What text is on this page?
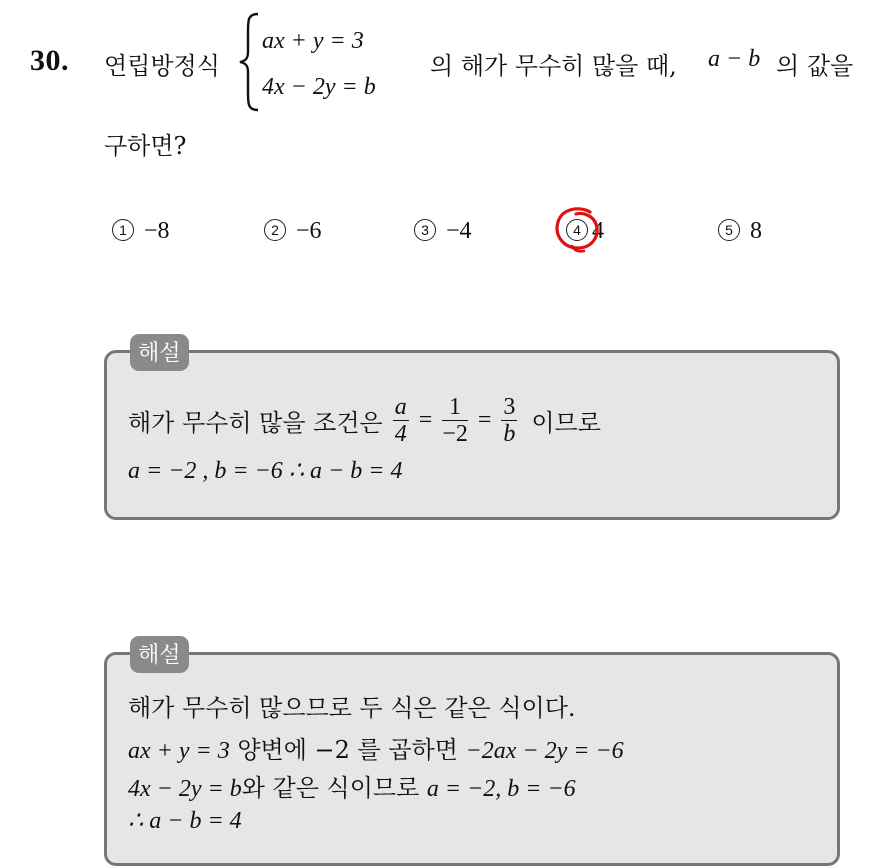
30. 연립방정식
ax + y = 3
4x − 2y = b
의 해가 무수히 많을 때, a − b 의 값을
구하면?
1 −8	2 −6	3 −4	4 4	5 8
해설
해가 무수히 많을 조건은 $\frac{a}{4} = \frac{1}{-2} = \frac{3}{b}$ 이므로
a = −2 , b = −6 ∴ a − b = 4
해설
해가 무수히 많으므로 두 식은 같은 식이다.
ax + y = 3 양변에 −2 를 곱하면 −2ax − 2y = −6
4x − 2y = b와 같은 식이므로 a = −2, b = −6
∴ a − b = 4
